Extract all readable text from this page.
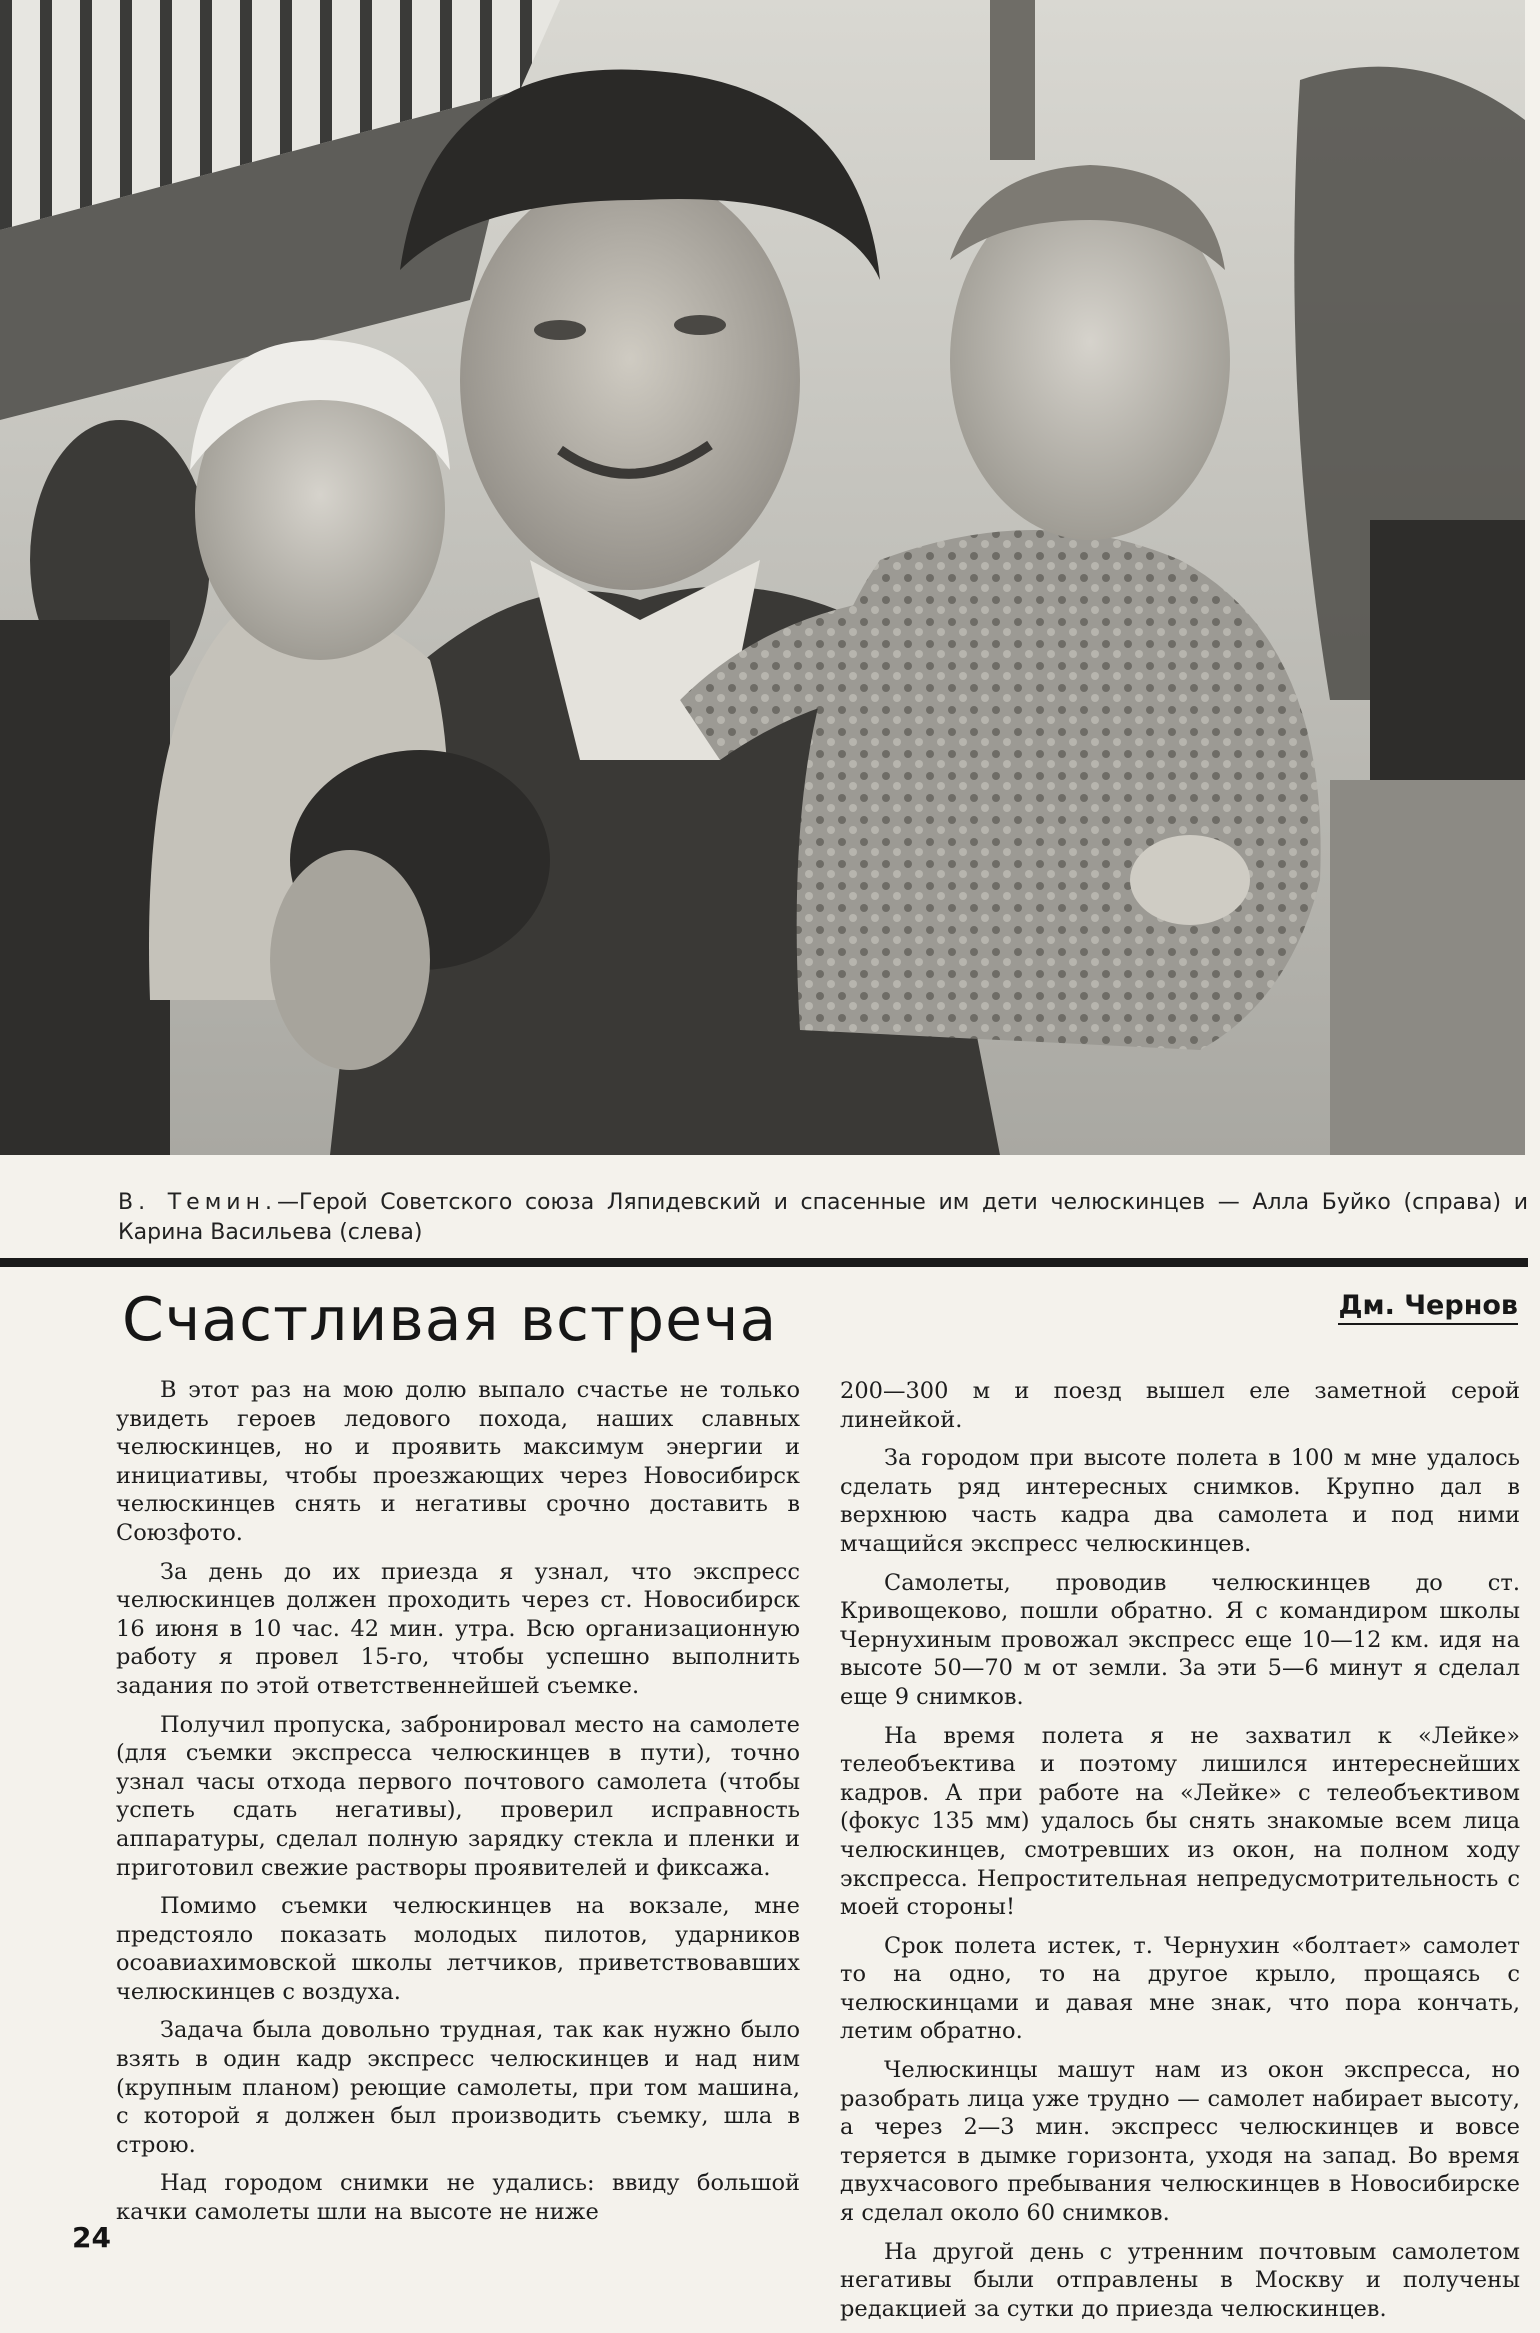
В. Темин.—Герой Советского союза Ляпидевский и спасенные им дети челюскинцев — Алла Буйко (справа) и Карина Васильева (слева)
Счастливая встреча	Дм. Чернов

В этот раз на мою долю выпало счастье не только увидеть героев ледового похода, наших славных челюскинцев, но и проявить максимум энергии и инициативы, чтобы проезжающих через Новосибирск челюскинцев снять и негативы срочно доставить в Союзфото.

За день до их приезда я узнал, что экспресс челюскинцев должен проходить через ст. Новосибирск 16 июня в 10 час. 42 мин. утра. Всю организационную работу я провел 15-го, чтобы успешно выполнить задания по этой ответственнейшей съемке.

Получил пропуска, забронировал место на самолете (для съемки экспресса челюскинцев в пути), точно узнал часы отхода первого почтового самолета (чтобы успеть сдать негативы), проверил исправность аппаратуры, сделал полную зарядку стекла и пленки и приготовил свежие растворы проявителей и фиксажа.

Помимо съемки челюскинцев на вокзале, мне предстояло показать молодых пилотов, ударников осоавиахимовской школы летчиков, приветствовавших челюскинцев с воздуха.

Задача была довольно трудная, так как нужно было взять в один кадр экспресс челюскинцев и над ним (крупным планом) реющие самолеты, при том машина, с которой я должен был производить съемку, шла в строю.

Над городом снимки не удались: ввиду большой качки самолеты шли на высоте не ниже

200—300 м и поезд вышел еле заметной серой линейкой.

За городом при высоте полета в 100 м мне удалось сделать ряд интересных снимков. Крупно дал в верхнюю часть кадра два самолета и под ними мчащийся экспресс челюскинцев.

Самолеты, проводив челюскинцев до ст. Кривощеково, пошли обратно. Я с командиром школы Чернухиным провожал экспресс еще 10—12 км. идя на высоте 50—70 м от земли. За эти 5—6 минут я сделал еще 9 снимков.

На время полета я не захватил к «Лейке» телеобъектива и поэтому лишился интереснейших кадров. А при работе на «Лейке» с телеобъективом (фокус 135 мм) удалось бы снять знакомые всем лица челюскинцев, смотревших из окон, на полном ходу экспресса. Непростительная непредусмотрительность с моей стороны!

Срок полета истек, т. Чернухин «болтает» самолет то на одно, то на другое крыло, прощаясь с челюскинцами и давая мне знак, что пора кончать, летим обратно.

Челюскинцы машут нам из окон экспресса, но разобрать лица уже трудно — самолет набирает высоту, а через 2—3 мин. экспресс челюскинцев и вовсе теряется в дымке горизонта, уходя на запад. Во время двухчасового пребывания челюскинцев в Новосибирске я сделал около 60 снимков.

На другой день с утренним почтовым самолетом негативы были отправлены в Москву и получены редакцией за сутки до приезда челюскинцев.

24
